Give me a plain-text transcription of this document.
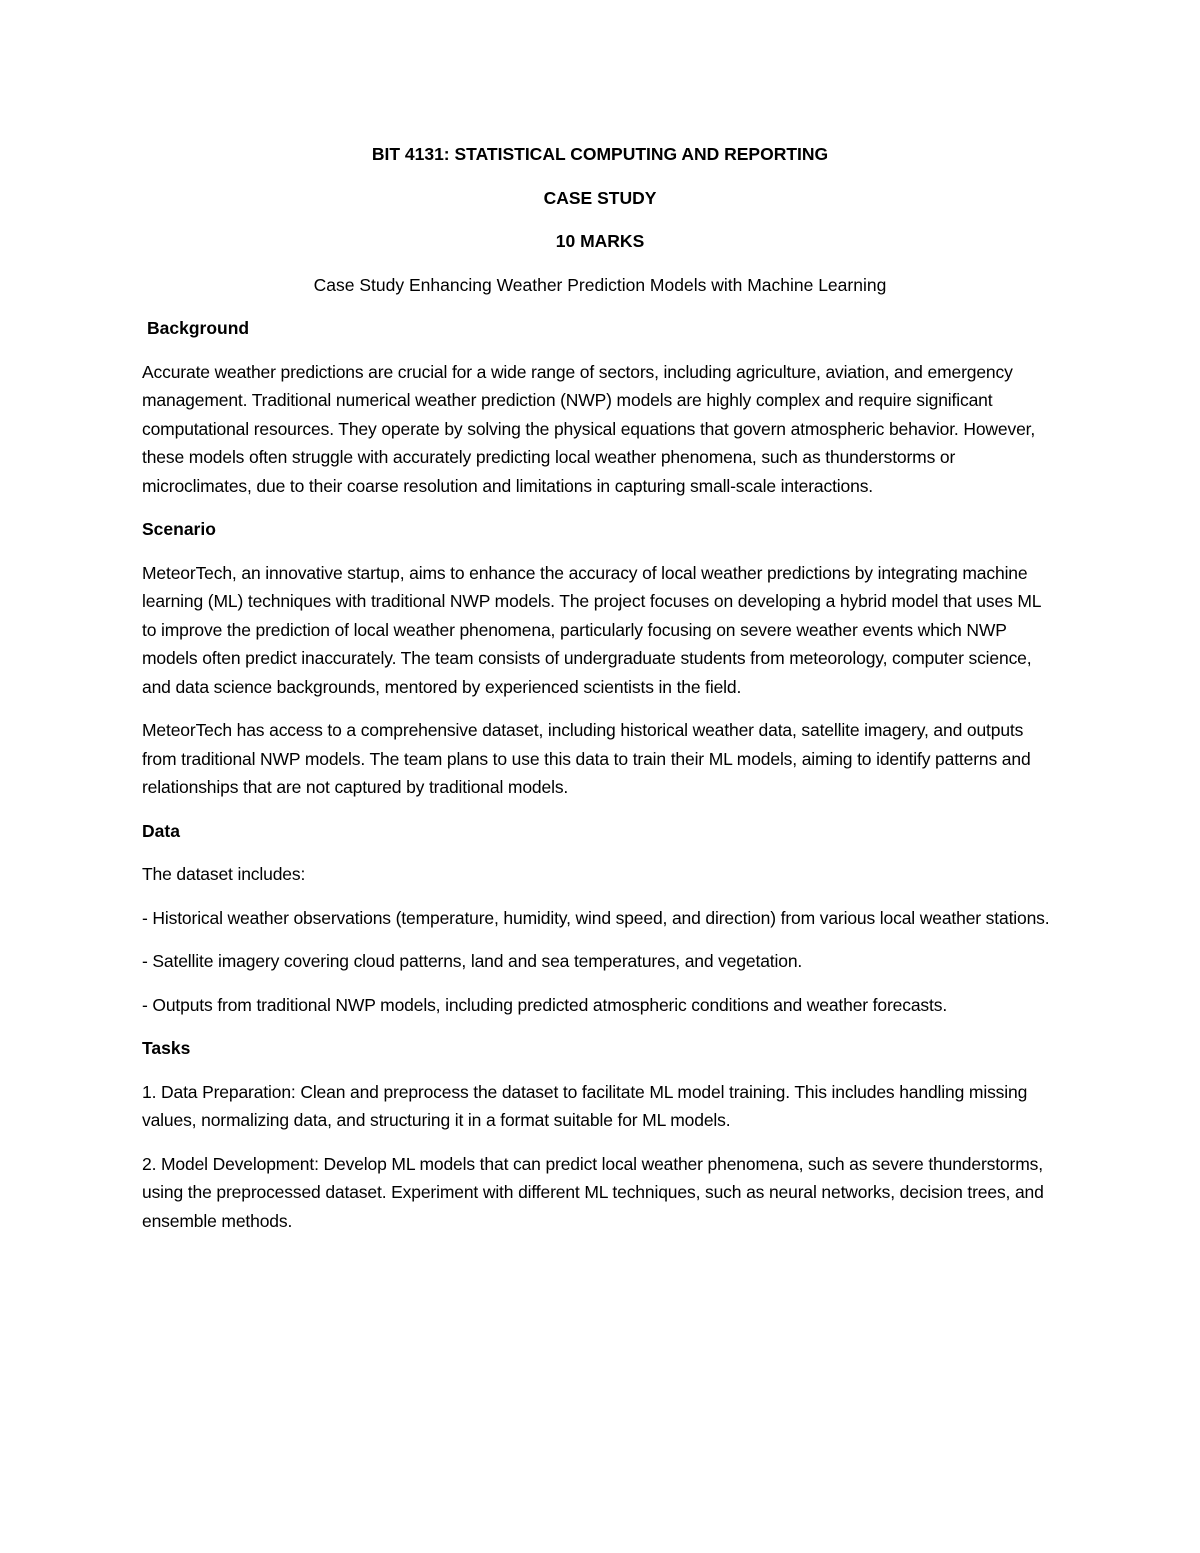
BIT 4131: STATISTICAL COMPUTING AND REPORTING
CASE STUDY
10 MARKS
Case Study Enhancing Weather Prediction Models with Machine Learning
Background

Accurate weather predictions are crucial for a wide range of sectors, including agriculture, aviation, and emergency management. Traditional numerical weather prediction (NWP) models are highly complex and require significant computational resources. They operate by solving the physical equations that govern atmospheric behavior. However, these models often struggle with accurately predicting local weather phenomena, such as thunderstorms or microclimates, due to their coarse resolution and limitations in capturing small-scale interactions.

Scenario

MeteorTech, an innovative startup, aims to enhance the accuracy of local weather predictions by integrating machine learning (ML) techniques with traditional NWP models. The project focuses on developing a hybrid model that uses ML to improve the prediction of local weather phenomena, particularly focusing on severe weather events which NWP models often predict inaccurately. The team consists of undergraduate students from meteorology, computer science, and data science backgrounds, mentored by experienced scientists in the field.

MeteorTech has access to a comprehensive dataset, including historical weather data, satellite imagery, and outputs from traditional NWP models. The team plans to use this data to train their ML models, aiming to identify patterns and relationships that are not captured by traditional models.

Data

The dataset includes:

- Historical weather observations (temperature, humidity, wind speed, and direction) from various local weather stations.

- Satellite imagery covering cloud patterns, land and sea temperatures, and vegetation.

- Outputs from traditional NWP models, including predicted atmospheric conditions and weather forecasts.

Tasks

1. Data Preparation: Clean and preprocess the dataset to facilitate ML model training. This includes handling missing values, normalizing data, and structuring it in a format suitable for ML models.

2. Model Development: Develop ML models that can predict local weather phenomena, such as severe thunderstorms, using the preprocessed dataset. Experiment with different ML techniques, such as neural networks, decision trees, and ensemble methods.
